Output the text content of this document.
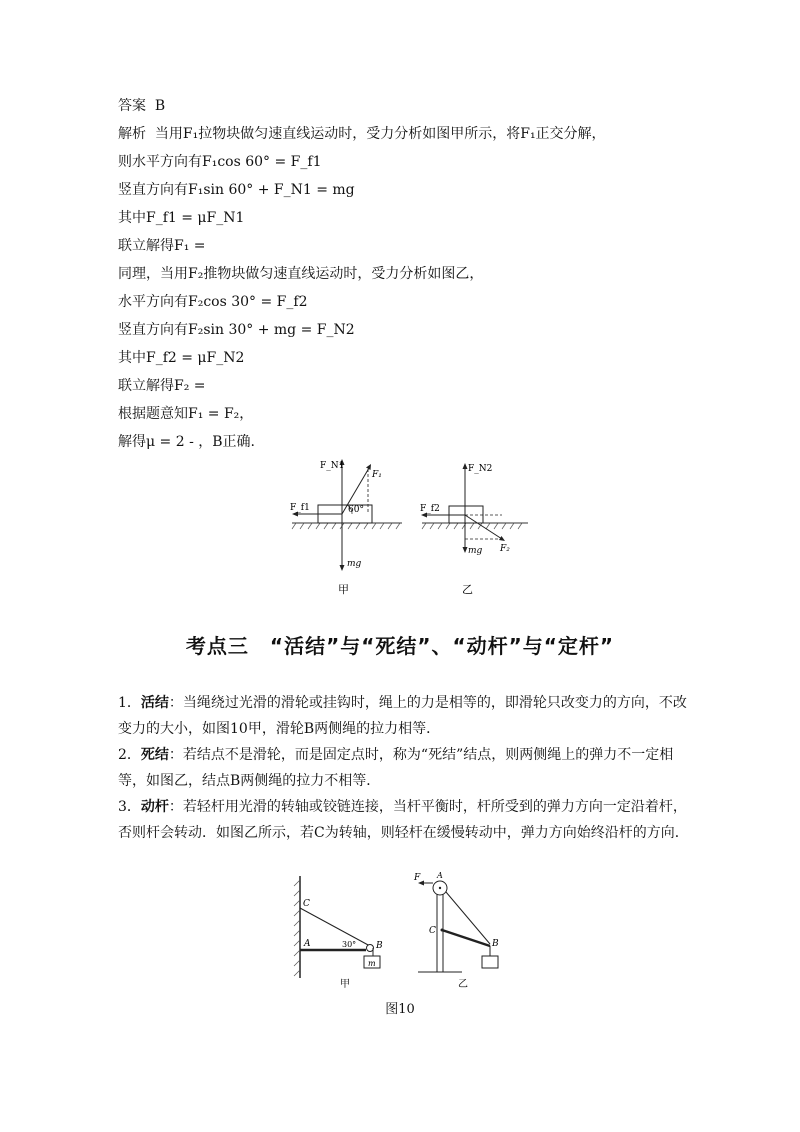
答案 B
解析 当用F₁拉物块做匀速直线运动时，受力分析如图甲所示，将F₁正交分解，
则水平方向有F₁cos 60° = F_f1
竖直方向有F₁sin 60° + F_N1 = mg
其中F_f1 = μF_N1
联立解得F₁ =
同理，当用F₂推物块做匀速直线运动时，受力分析如图乙，
水平方向有F₂cos 30° = F_f2
竖直方向有F₂sin 30° + mg = F_N2
其中F_f2 = μF_N2
联立解得F₂ =
根据题意知F₁ = F₂，
解得μ = 2 - ，B正确.
F_N1
F₁
F_f1
mg
60°
甲
F_N2
F_f2
F₂
mg
乙
考点三　“活结”与“死结”、“动杆”与“定杆”
1．活结：当绳绕过光滑的滑轮或挂钩时，绳上的力是相等的，即滑轮只改变力的方向，不改变力的大小，如图10甲，滑轮B两侧绳的拉力相等．
2．死结：若结点不是滑轮，而是固定点时，称为“死结”结点，则两侧绳上的弹力不一定相等，如图乙，结点B两侧绳的拉力不相等．
3．动杆：若轻杆用光滑的转轴或铰链连接，当杆平衡时，杆所受到的弹力方向一定沿着杆，否则杆会转动．如图乙所示，若C为转轴，则轻杆在缓慢转动中，弹力方向始终沿杆的方向．
C
A	B
30°
m
甲
A
C
B
F
乙
图10
